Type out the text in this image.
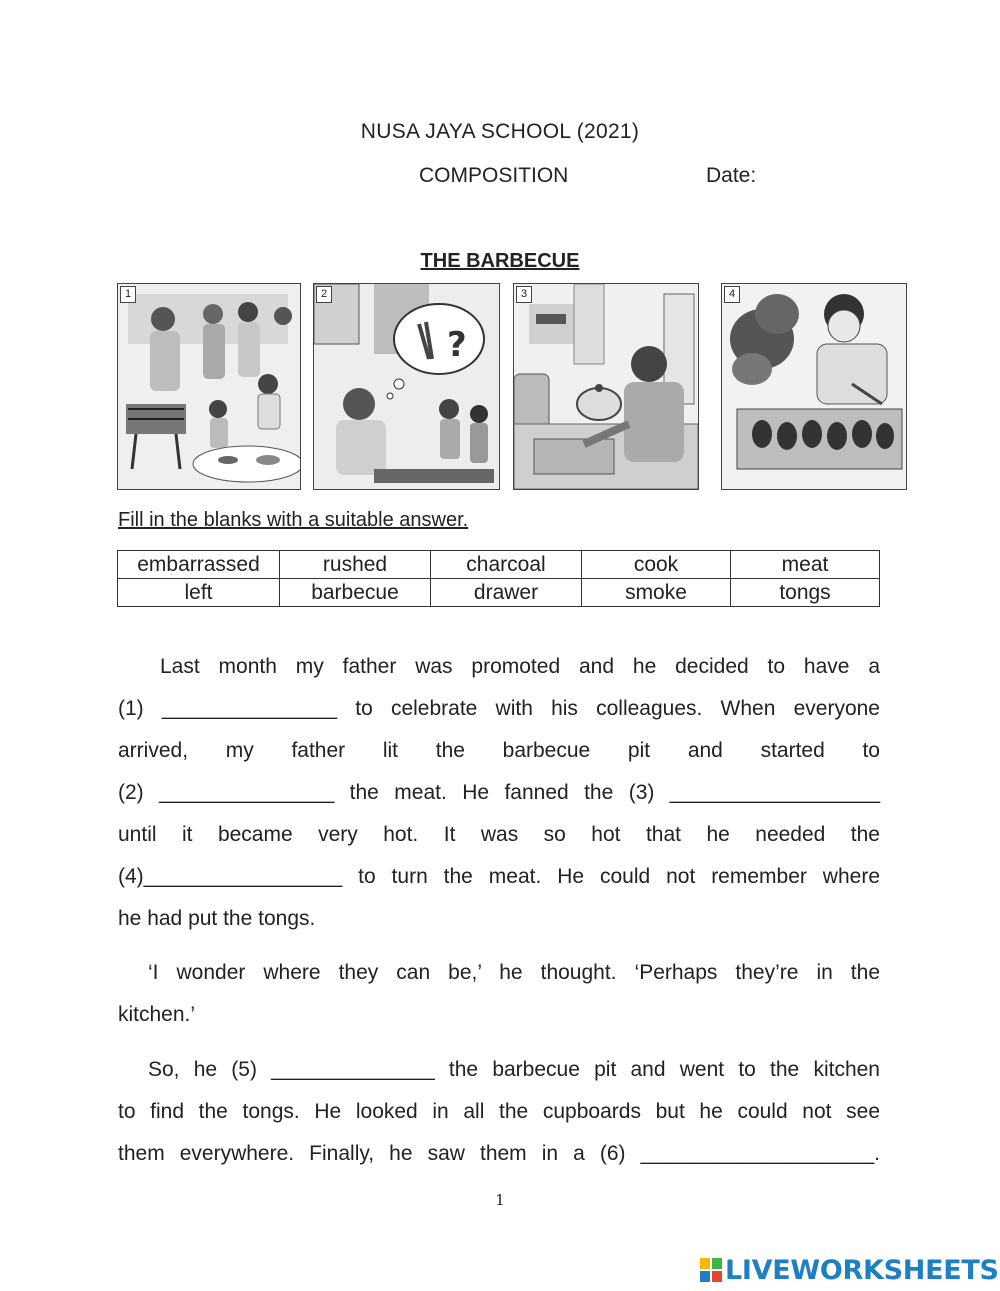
NUSA JAYA SCHOOL (2021)
COMPOSITION	Date:
THE BARBECUE
1
?
2	3	4
Fill in the blanks with a suitable answer.
embarrassed	rushed	charcoal	cook	meat
left	barbecue	drawer	smoke	tongs
Last month my father was promoted and he decided to have a
(1) _______________ to celebrate with his colleagues. When everyone
arrived, my father lit the barbecue pit and started to
(2) _______________ the meat. He fanned the (3) __________________
until it became very hot. It was so hot that he needed the
(4)_________________ to turn the meat. He could not remember where
he had put the tongs.
‘I wonder where they can be,’ he thought. ‘Perhaps they’re in the
kitchen.’
So, he (5) ______________ the barbecue pit and went to the kitchen
to find the tongs. He looked in all the cupboards but he could not see
them everywhere. Finally, he saw them in a (6) ____________________.
1
LIVEWORKSHEETS
